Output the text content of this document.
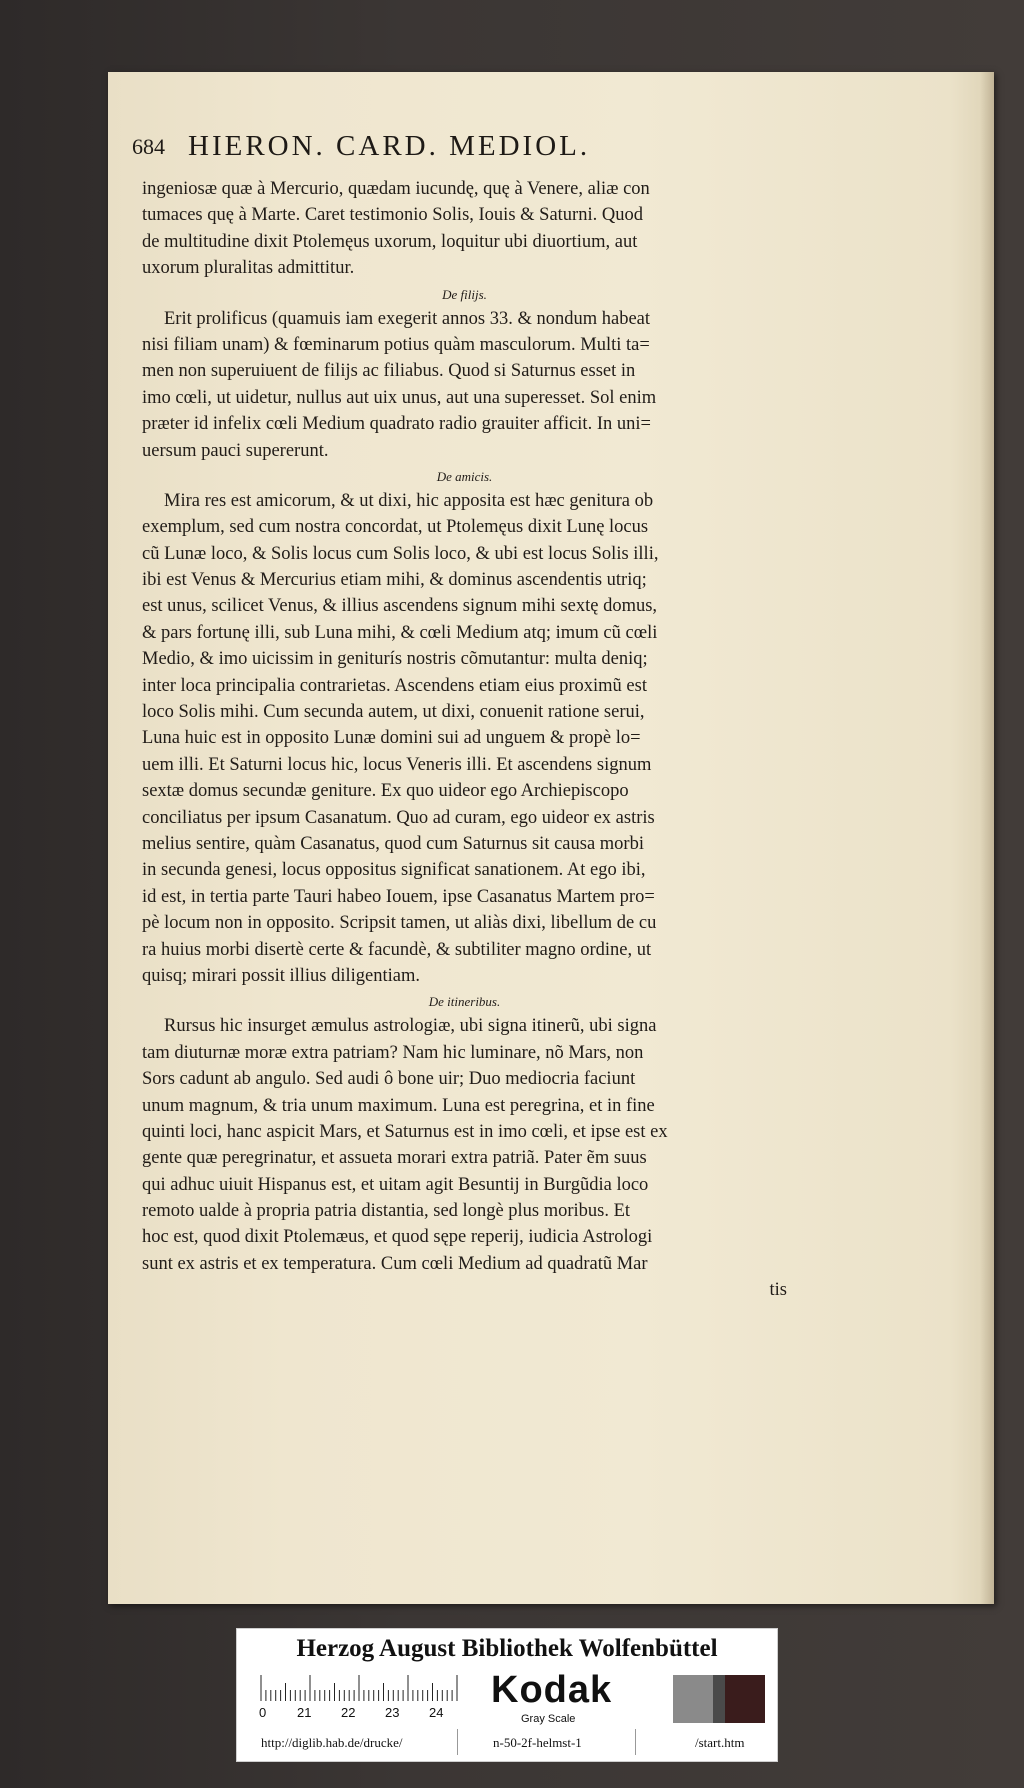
684 HIERON. CARD. MEDIOL.
ingeniosæ quæ à Mercurio, quædam iucundę, quę à Venere, aliæ con
tumaces quę à Marte. Caret testimonio Solis, Iouis & Saturni. Quod
de multitudine dixit Ptolemęus uxorum, loquitur ubi diuortium, aut
uxorum pluralitas admittitur.
De filijs.
Erit prolificus (quamuis iam exegerit annos 33. & nondum habeat
nisi filiam unam) & fœminarum potius quàm masculorum. Multi ta=
men non superuiuent de filijs ac filiabus. Quod si Saturnus esset in
imo cœli, ut uidetur, nullus aut uix unus, aut una superesset. Sol enim
præter id infelix cœli Medium quadrato radio grauiter afficit. In uni=
uersum pauci supererunt.
De amicis.
Mira res est amicorum, & ut dixi, hic apposita est hæc genitura ob
exemplum, sed cum nostra concordat, ut Ptolemęus dixit Lunę locus
cũ Lunæ loco, & Solis locus cum Solis loco, & ubi est locus Solis illi,
ibi est Venus & Mercurius etiam mihi, & dominus ascendentis utriq;
est unus, scilicet Venus, & illius ascendens signum mihi sextę domus,
& pars fortunę illi, sub Luna mihi, & cœli Medium atq; imum cũ cœli
Medio, & imo uicissim in geniturís nostris cõmutantur: multa deniq;
inter loca principalia contrarietas. Ascendens etiam eius proximũ est
loco Solis mihi. Cum secunda autem, ut dixi, conuenit ratione serui,
Luna huic est in opposito Lunæ domini sui ad unguem & propè lo=
uem illi. Et Saturni locus hic, locus Veneris illi. Et ascendens signum
sextæ domus secundæ geniture. Ex quo uideor ego Archiepiscopo
conciliatus per ipsum Casanatum. Quo ad curam, ego uideor ex astris
melius sentire, quàm Casanatus, quod cum Saturnus sit causa morbi
in secunda genesi, locus oppositus significat sanationem. At ego ibi,
id est, in tertia parte Tauri habeo Iouem, ipse Casanatus Martem pro=
pè locum non in opposito. Scripsit tamen, ut aliàs dixi, libellum de cu
ra huius morbi disertè certe & facundè, & subtiliter magno ordine, ut
quisq; mirari possit illius diligentiam.
De itineribus.
Rursus hic insurget æmulus astrologiæ, ubi signa itinerũ, ubi signa
tam diuturnæ moræ extra patriam? Nam hic luminare, nõ Mars, non
Sors cadunt ab angulo. Sed audi ô bone uir; Duo mediocria faciunt
unum magnum, & tria unum maximum. Luna est peregrina, et in fine
quinti loci, hanc aspicit Mars, et Saturnus est in imo cœli, et ipse est ex
gente quæ peregrinatur, et assueta morari extra patriã. Pater ẽm suus
qui adhuc uiuit Hispanus est, et uitam agit Besuntij in Burgũdia loco
remoto ualde à propria patria distantia, sed longè plus moribus. Et
hoc est, quod dixit Ptolemæus, et quod sępe reperij, iudicia Astrologi
sunt ex astris et ex temperatura. Cum cœli Medium ad quadratũ Mar
tis
Herzog August Bibliothek Wolfenbüttel
0 21 22 23 24
Kodak
Gray Scale
http://diglib.hab.de/drucke/	n-50-2f-helmst-1	/start.htm
